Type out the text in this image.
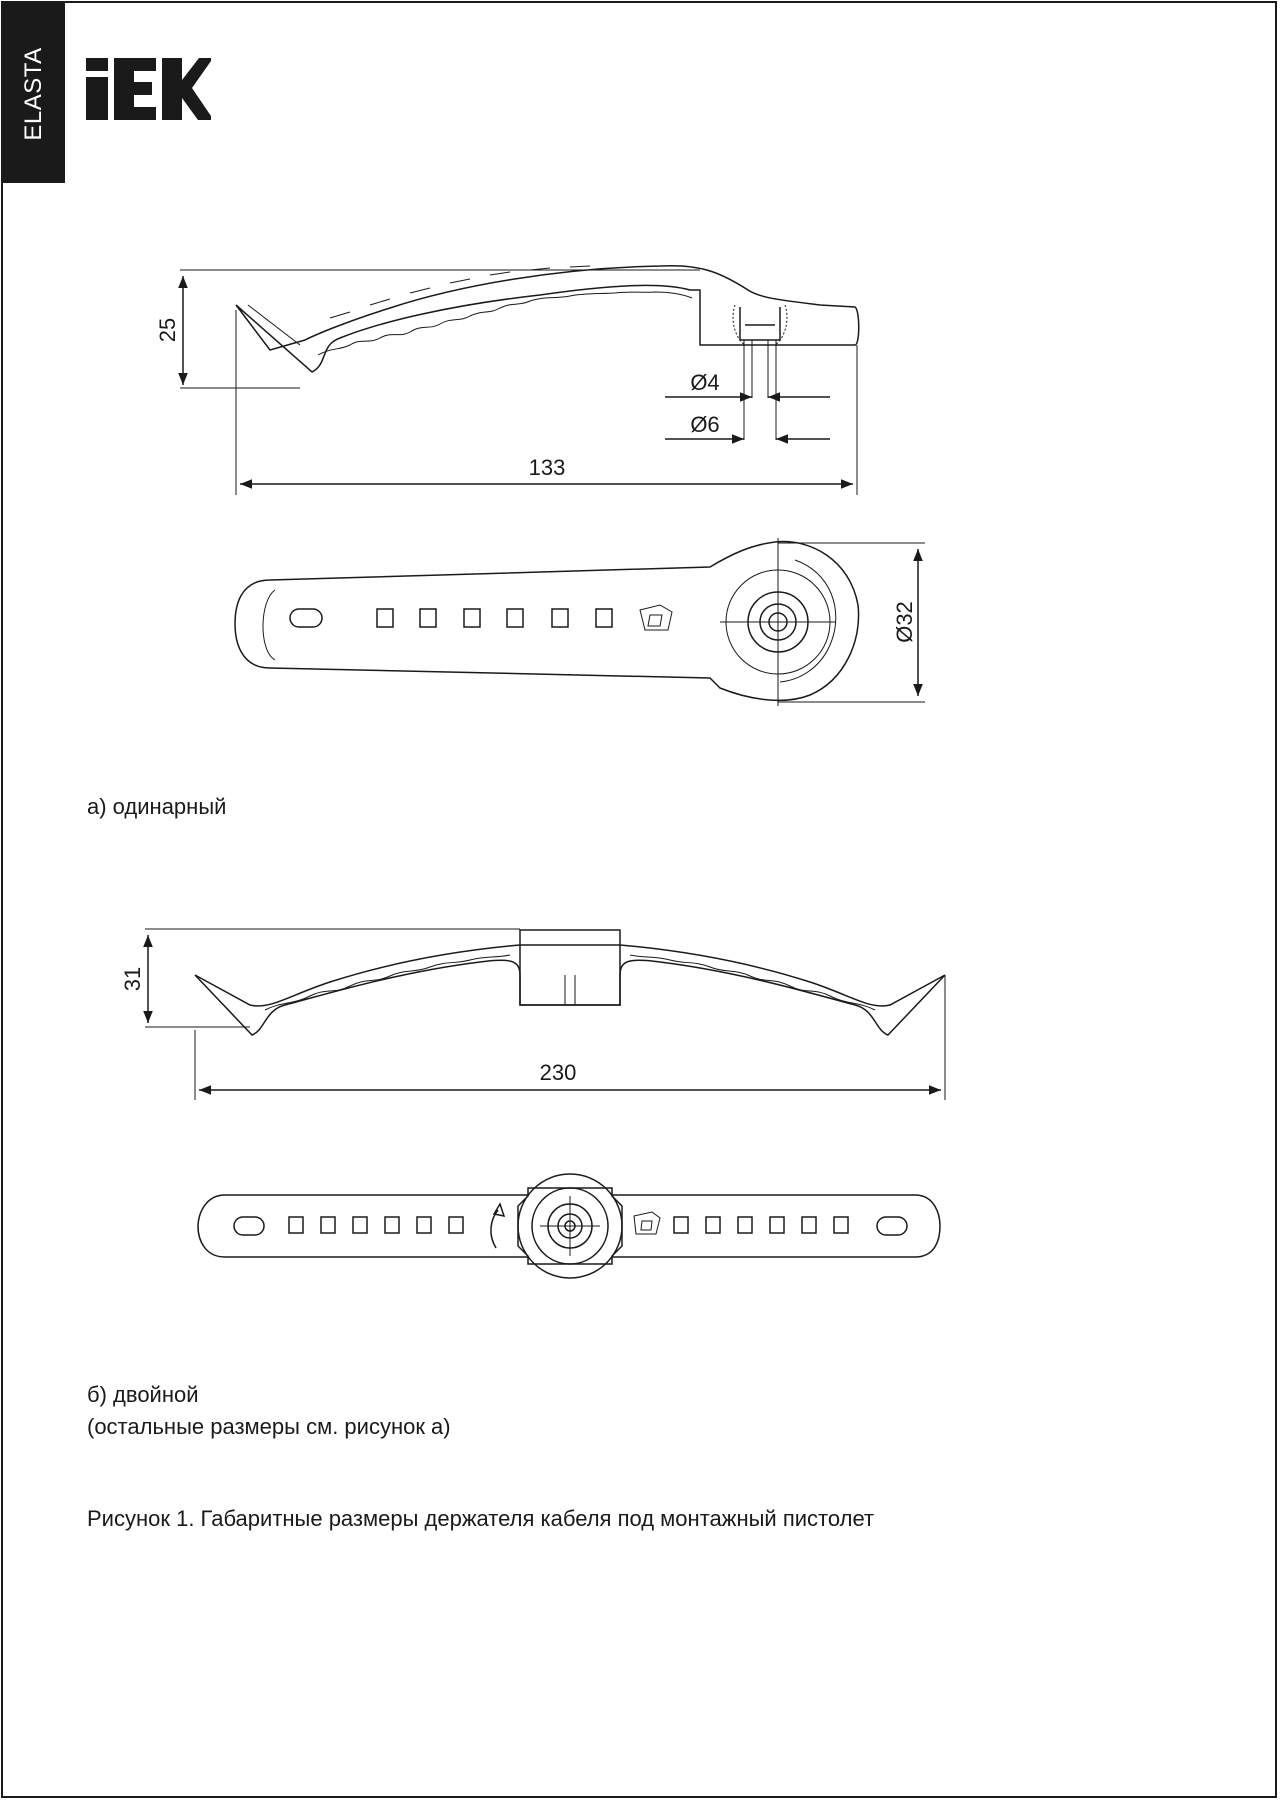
ELASTA
25
133
Ø4
Ø6
Ø32
31
230
а) одинарный
б) двойной
(остальные размеры см. рисунок а)
Рисунок 1. Габаритные размеры держателя кабеля под монтажный пистолет
